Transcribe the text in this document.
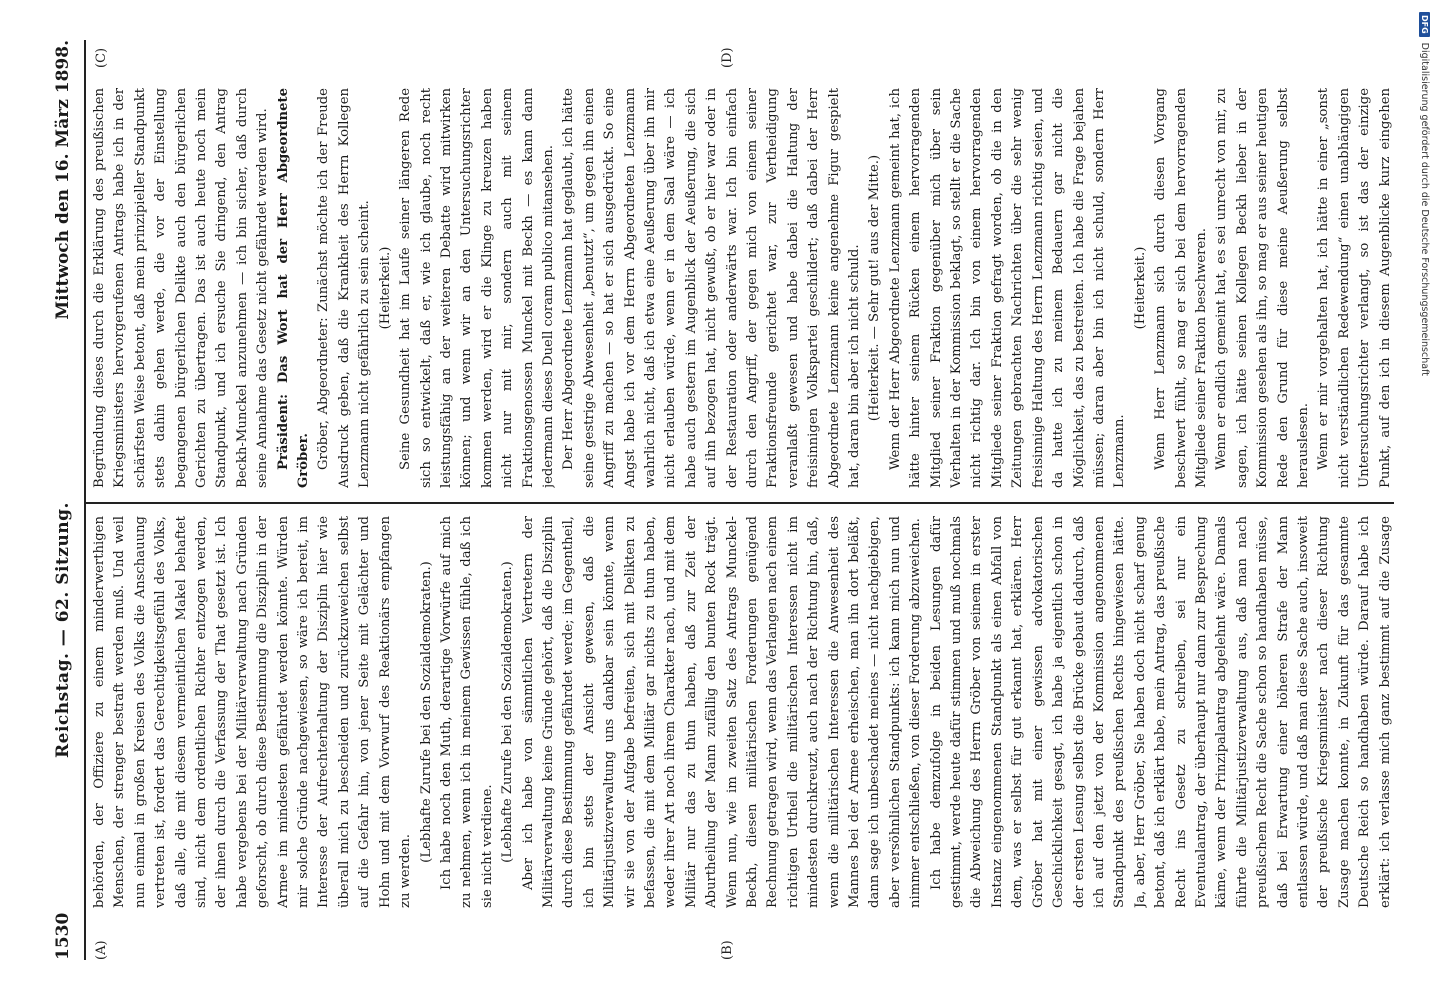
1530
Reichstag. — 62. Sitzung.
Mittwoch den 16. März 1898.
(A)	(B)
(C)	(D)

behörden, der Offiziere zu einem minderwerthigen Menschen, der strenger bestraft werden muß. Und weil nun einmal in großen Kreisen des Volks die Anschauung vertreten ist, fordert das Gerechtigkeitsgefühl des Volks, daß alle, die mit diesem vermeintlichen Makel behaftet sind, nicht dem ordentlichen Richter entzogen werden, der ihnen durch die Verfassung der That gesetzt ist. Ich habe vergebens bei der Militärverwaltung nach Gründen geforscht, ob durch diese Bestimmung die Disziplin in der Armee im mindesten gefährdet werden könnte. Würden mir solche Gründe nachgewiesen, so wäre ich bereit, im Interesse der Aufrechterhaltung der Disziplin hier wie überall mich zu bescheiden und zurückzuweichen selbst auf die Gefahr hin, von jener Seite mit Gelächter und Hohn und mit dem Vorwurf des Reaktionärs empfangen zu werden.

(Lebhafte Zurufe bei den Sozialdemokraten.) Ich habe noch den Muth, derartige Vorwürfe auf mich zu nehmen, wenn ich in meinem Gewissen fühle, daß ich sie nicht verdiene. (Lebhafte Zurufe bei den Sozialdemokraten.) Aber ich habe von sämmtlichen Vertretern der Militärverwaltung keine Gründe gehört, daß die Disziplin durch diese Bestimmung gefährdet werde; im Gegentheil, ich bin stets der Ansicht gewesen, daß die Militärjustizverwaltung uns dankbar sein könnte, wenn wir sie von der Aufgabe befreiten, sich mit Delikten zu befassen, die mit dem Militär gar nichts zu thun haben, weder ihrer Art noch ihrem Charakter nach, und mit dem Militär nur das zu thun haben, daß zur Zeit der Aburtheilung der Mann zufällig den bunten Rock trägt. Wenn nun, wie im zweiten Satz des Antrags Munckel-Beckh, diesen militärischen Forderungen genügend Rechnung getragen wird, wenn das Verlangen nach einem richtigen Urtheil die militärischen Interessen nicht im mindesten durchkreuzt, auch nach der Richtung hin, daß, wenn die militärischen Interessen die Anwesenheit des Mannes bei der Armee erheischen, man ihn dort beläßt, dann sage ich unbeschadet meines — nicht nachgiebigen, aber versöhnlichen Standpunkts: ich kann mich nun und nimmer entschließen, von dieser Forderung abzuweichen. Ich habe demzufolge in beiden Lesungen dafür gestimmt, werde heute dafür stimmen und muß nochmals die Abweichung des Herrn Gröber von seinem in erster Instanz eingenommenen Standpunkt als einen Abfall von dem, was er selbst für gut erkannt hat, erklären. Herr Gröber hat mit einer gewissen advokatorischen Geschicklichkeit gesagt, ich habe ja eigentlich schon in der ersten Lesung selbst die Brücke gebaut dadurch, daß ich auf den jetzt von der Kommission angenommenen Standpunkt des preußischen Rechts hingewiesen hätte. Ja, aber, Herr Gröber, Sie haben doch nicht scharf genug betont, daß ich erklärt habe, mein Antrag, das preußische Recht ins Gesetz zu schreiben, sei nur ein Eventualantrag, der überhaupt nur dann zur Besprechung käme, wenn der Prinzipalantrag abgelehnt wäre. Damals führte die Militärjustizverwaltung aus, daß man nach preußischem Recht die Sache schon so handhaben müsse, daß bei Erwartung einer höheren Strafe der Mann entlassen würde, und daß man diese Sache auch, insoweit der preußische Kriegsminister nach dieser Richtung Zusage machen konnte, in Zukunft für das gesammte Deutsche Reich so handhaben würde. Darauf habe ich erklärt: ich verlasse mich ganz bestimmt auf die Zusage

Begründung dieses durch die Erklärung des preußischen Kriegsministers hervorgerufenen Antrags habe ich in der schärfsten Weise betont, daß mein prinzipieller Standpunkt stets dahin gehen werde, die vor der Einstellung begangenen bürgerlichen Delikte auch den bürgerlichen Gerichten zu übertragen. Das ist auch heute noch mein Standpunkt, und ich ersuche Sie dringend, den Antrag Beckh-Munckel anzunehmen — ich bin sicher, daß durch seine Annahme das Gesetz nicht gefährdet werden wird. Präsident: Das Wort hat der Herr Abgeordnete Gröber. Gröber, Abgeordneter: Zunächst möchte ich der Freude Ausdruck geben, daß die Krankheit des Herrn Kollegen Lenzmann nicht gefährlich zu sein scheint. (Heiterkeit.) Seine Gesundheit hat im Laufe seiner längeren Rede sich so entwickelt, daß er, wie ich glaube, noch recht leistungsfähig an der weiteren Debatte wird mitwirken können; und wenn wir an den Untersuchungsrichter kommen werden, wird er die Klinge zu kreuzen haben nicht nur mit mir, sondern auch mit seinem Fraktionsgenossen Munckel mit Beckh — es kann dann jedermann dieses Duell coram publico mitansehen. Der Herr Abgeordnete Lenzmann hat geglaubt, ich hätte seine gestrige Abwesenheit „benutzt“, um gegen ihn einen Angriff zu machen — so hat er sich ausgedrückt. So eine Angst habe ich vor dem Herrn Abgeordneten Lenzmann wahrlich nicht, daß ich etwa eine Aeußerung über ihn mir nicht erlauben würde, wenn er in dem Saal wäre — ich habe auch gestern im Augenblick der Aeußerung, die sich auf ihn bezogen hat, nicht gewußt, ob er hier war oder in der Restauration oder anderwärts war. Ich bin einfach durch den Angriff, der gegen mich von einem seiner Fraktionsfreunde gerichtet war, zur Vertheidigung veranlaßt gewesen und habe dabei die Haltung der freisinnigen Volkspartei geschildert; daß dabei der Herr Abgeordnete Lenzmann keine angenehme Figur gespielt hat, daran bin aber ich nicht schuld. (Heiterkeit. — Sehr gut! aus der Mitte.) Wenn der Herr Abgeordnete Lenzmann gemeint hat, ich hätte hinter seinem Rücken einem hervorragenden Mitglied seiner Fraktion gegenüber mich über sein Verhalten in der Kommission beklagt, so stellt er die Sache nicht richtig dar. Ich bin von einem hervorragenden Mitgliede seiner Fraktion gefragt worden, ob die in den Zeitungen gebrachten Nachrichten über die sehr wenig freisinnige Haltung des Herrn Lenzmann richtig seien, und da hatte ich zu meinem Bedauern gar nicht die Möglichkeit, das zu bestreiten. Ich habe die Frage bejahen müssen; daran aber bin ich nicht schuld, sondern Herr Lenzmann.

(Heiterkeit.) Wenn Herr Lenzmann sich durch diesen Vorgang beschwert fühlt, so mag er sich bei dem hervorragenden Mitgliede seiner Fraktion beschweren. Wenn er endlich gemeint hat, es sei unrecht von mir, zu sagen, ich hätte seinen Kollegen Beckh lieber in der Kommission gesehen als ihn, so mag er aus seiner heutigen Rede den Grund für diese meine Aeußerung selbst herauslesen. Wenn er mir vorgehalten hat, ich hätte in einer „sonst nicht verständlichen Redewendung“ einen unabhängigen Untersuchungsrichter verlangt, so ist das der einzige Punkt, auf den ich in diesem Augenblicke kurz eingehen

DFG
Digitalisierung gefördert durch die Deutsche Forschungsgemeinschaft
